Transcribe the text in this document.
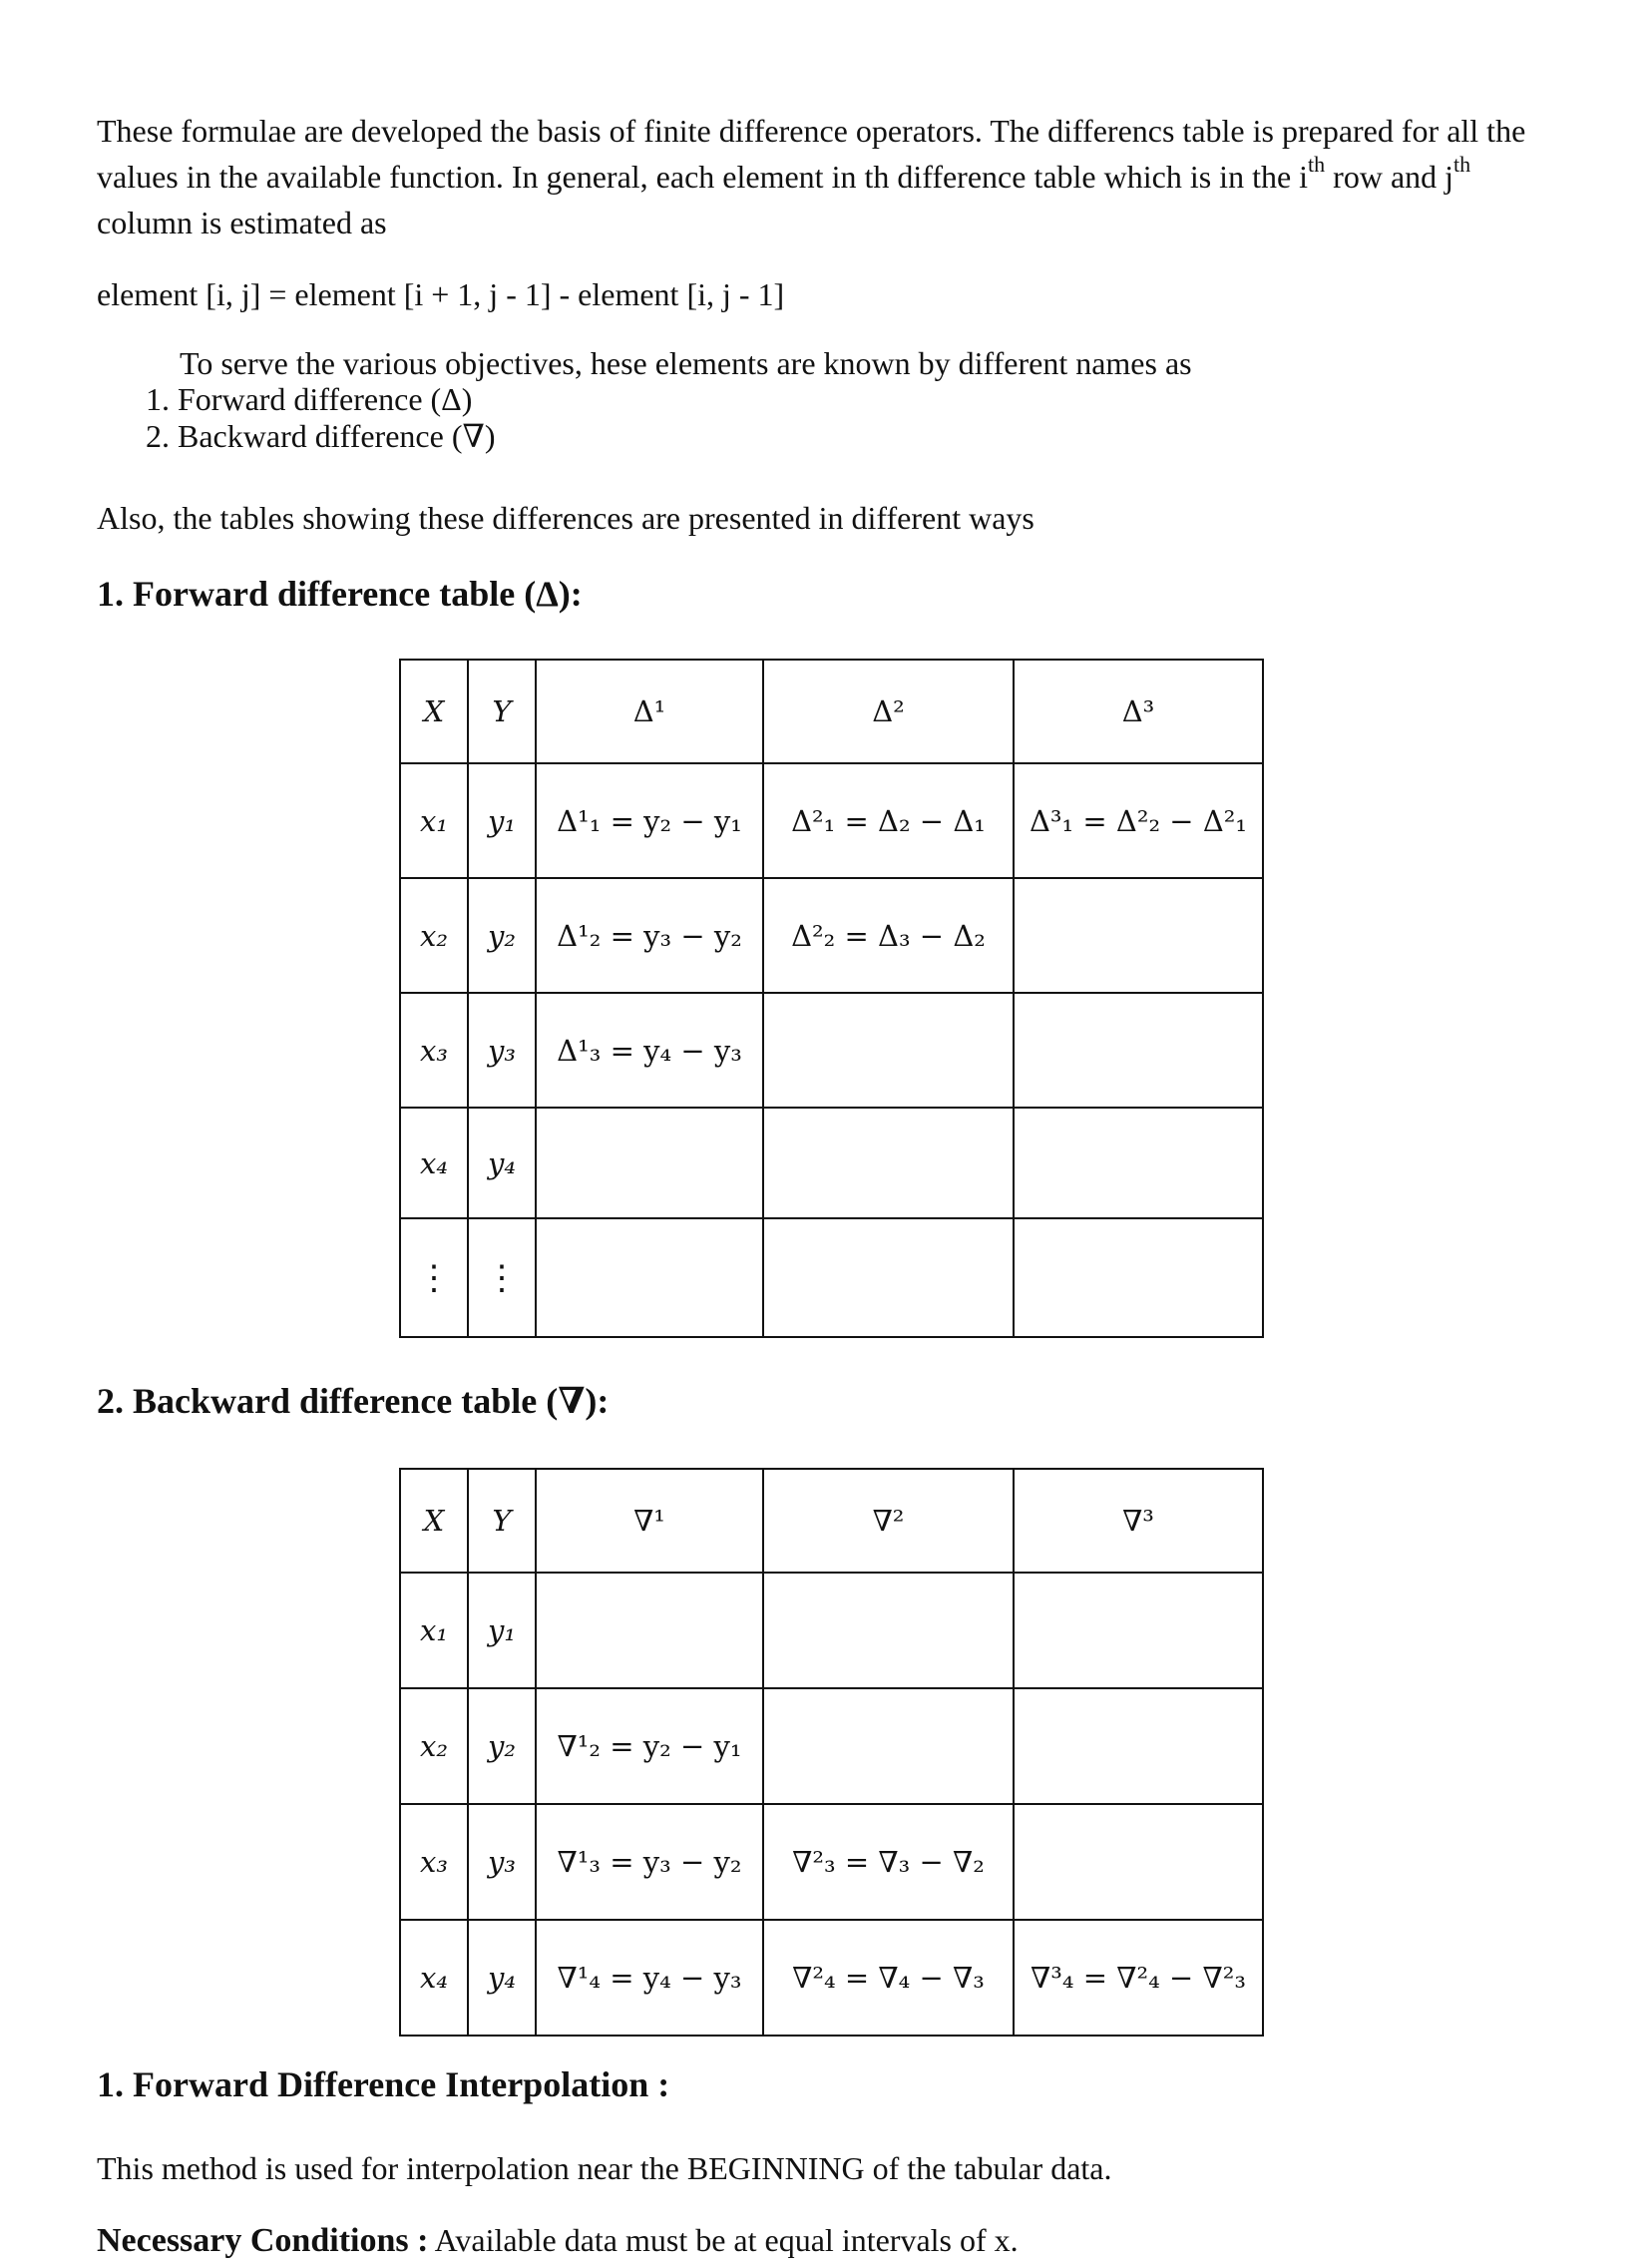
These formulae are developed the basis of finite difference operators. The differencs table is prepared for all the values in the available function. In general, each element in th difference table which is in the $i^{th}$ row and $j^{th}$ column is estimated as
element [i, j] = element [i + 1, j - 1] - element [i, j - 1]
To serve the various objectives, hese elements are known by different names as
1. Forward difference (Δ)
2. Backward difference (∇)
Also, the tables showing these differences are presented in different ways
1. Forward difference table (Δ):
X	Y	Δ¹	Δ²	Δ³
x₁	y₁	Δ¹₁ = y₂ − y₁	Δ²₁ = Δ₂ − Δ₁	Δ³₁ = Δ²₂ − Δ²₁
x₂	y₂	Δ¹₂ = y₃ − y₂	Δ²₂ = Δ₃ − Δ₂	
x₃	y₃	Δ¹₃ = y₄ − y₃		
x₄	y₄			
⋮	⋮			
2. Backward difference table (∇):
X	Y	∇¹	∇²	∇³
x₁	y₁			
x₂	y₂	∇¹₂ = y₂ − y₁		
x₃	y₃	∇¹₃ = y₃ − y₂	∇²₃ = ∇₃ − ∇₂	
x₄	y₄	∇¹₄ = y₄ − y₃	∇²₄ = ∇₄ − ∇₃	∇³₄ = ∇²₄ − ∇²₃
1. Forward Difference Interpolation :
This method is used for interpolation near the BEGINNING of the tabular data.
Necessary Conditions : Available data must be at equal intervals of x.
